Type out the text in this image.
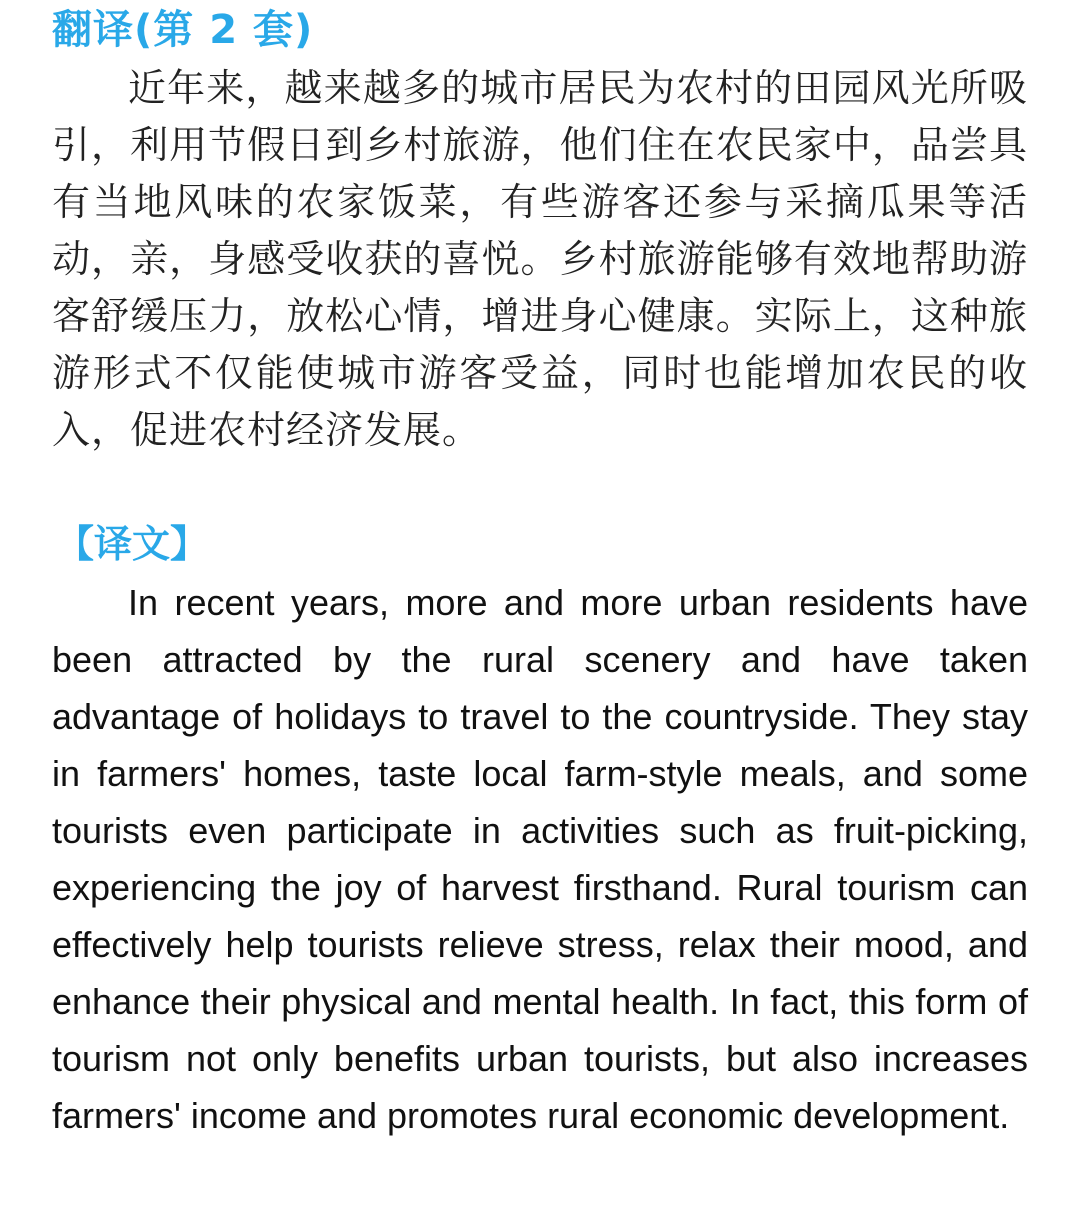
翻译(第 2 套)

近年来，越来越多的城市居民为农村的田园风光所吸引，利用节假日到乡村旅游，他们住在农民家中，品尝具有当地风味的农家饭菜，有些游客还参与采摘瓜果等活动，亲，身感受收获的喜悦。乡村旅游能够有效地帮助游客舒缓压力，放松心情，增进身心健康。实际上，这种旅游形式不仅能使城市游客受益，同时也能增加农民的收入，促进农村经济发展。

【译文】

In recent years, more and more urban residents have been attracted by the rural scenery and have taken advantage of holidays to travel to the countryside. They stay in farmers' homes, taste local farm-style meals, and some tourists even participate in activities such as fruit-picking, experiencing the joy of harvest firsthand. Rural tourism can effectively help tourists relieve stress, relax their mood, and enhance their physical and mental health. In fact, this form of tourism not only benefits urban tourists, but also increases farmers' income and promotes rural economic development.
